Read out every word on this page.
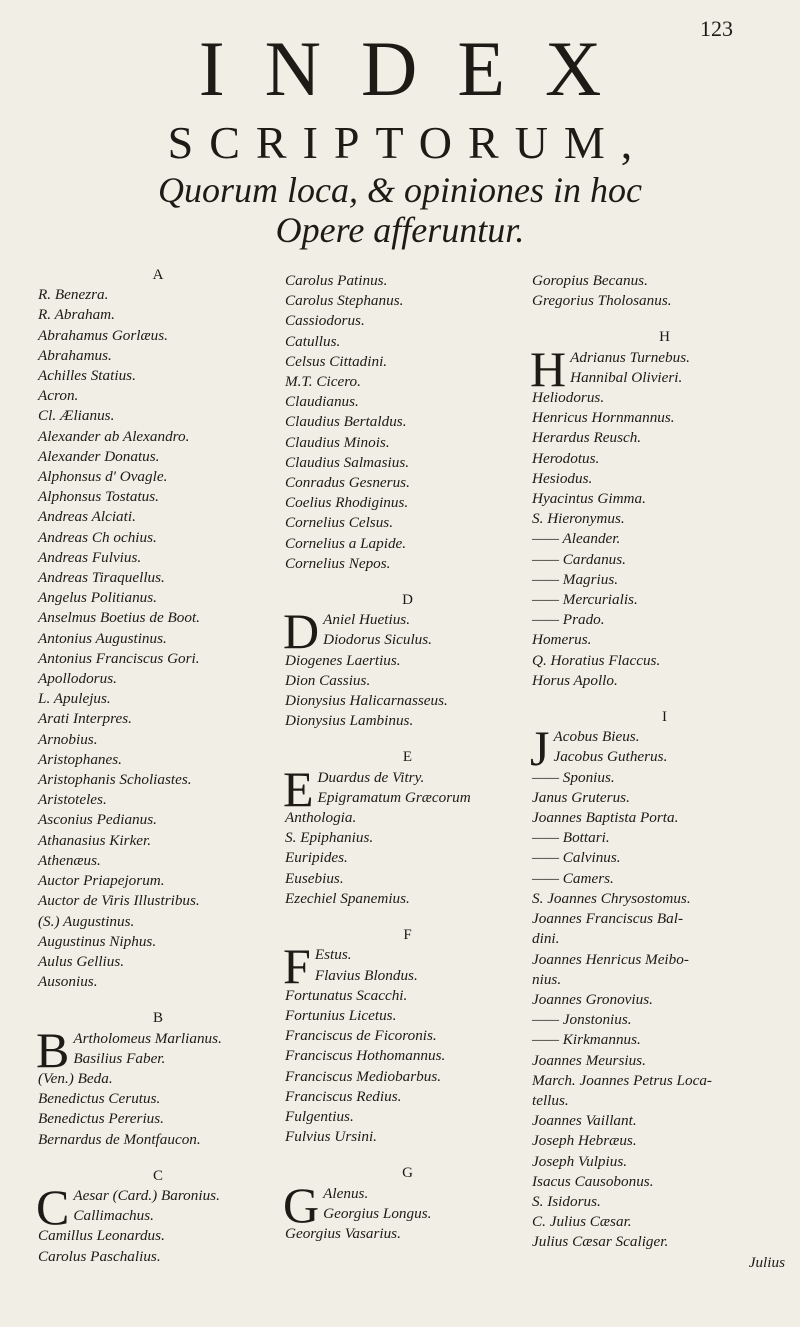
123
INDEX
SCRIPTORUM,
Quorum loca, & opiniones in hoc
Opere afferuntur.
A
R. Benezra.
R. Abraham.
Abrahamus Gorlæus.
Abrahamus.
Achilles Statius.
Acron.
Cl. Ælianus.
Alexander ab Alexandro.
Alexander Donatus.
Alphonsus d' Ovagle.
Alphonsus Tostatus.
Andreas Alciati.
Andreas Ch ochius.
Andreas Fulvius.
Andreas Tiraquellus.
Angelus Politianus.
Anselmus Boetius de Boot.
Antonius Augustinus.
Antonius Franciscus Gori.
Apollodorus.
L. Apulejus.
Arati Interpres.
Arnobius.
Aristophanes.
Aristophanis Scholiastes.
Aristoteles.
Asconius Pedianus.
Athanasius Kirker.
Athenæus.
Auctor Priapejorum.
Auctor de Viris Illustribus.
(S.) Augustinus.
Augustinus Niphus.
Aulus Gellius.
Ausonius.
B
B Artholomeus Marlianus.
Basilius Faber.
(Ven.) Beda.
Benedictus Cerutus.
Benedictus Pererius.
Bernardus de Montfaucon.
C
C Aesar (Card.) Baronius.
Callimachus.
Camillus Leonardus.
Carolus Paschalius.
Carolus Patinus.
Carolus Stephanus.
Cassiodorus.
Catullus.
Celsus Cittadini.
M.T. Cicero.
Claudianus.
Claudius Bertaldus.
Claudius Minois.
Claudius Salmasius.
Conradus Gesnerus.
Coelius Rhodiginus.
Cornelius Celsus.
Cornelius a Lapide.
Cornelius Nepos.
D
D Aniel Huetius.
Diodorus Siculus.
Diogenes Laertius.
Dion Cassius.
Dionysius Halicarnasseus.
Dionysius Lambinus.
E
E Duardus de Vitry.
Epigramatum Græcorum
Anthologia.
S. Epiphanius.
Euripides.
Eusebius.
Ezechiel Spanemius.
F
F Estus.
Flavius Blondus.
Fortunatus Scacchi.
Fortunius Licetus.
Franciscus de Ficoronis.
Franciscus Hothomannus.
Franciscus Mediobarbus.
Franciscus Redius.
Fulgentius.
Fulvius Ursini.
G
G Alenus.
Georgius Longus.
Georgius Vasarius.
Goropius Becanus.
Gregorius Tholosanus.
H
H Adrianus Turnebus.
Hannibal Olivieri.
Heliodorus.
Henricus Hornmannus.
Herardus Reusch.
Herodotus.
Hesiodus.
Hyacintus Gimma.
S. Hieronymus.
—— Aleander.
—— Cardanus.
—— Magrius.
—— Mercurialis.
—— Prado.
Homerus.
Q. Horatius Flaccus.
Horus Apollo.
I
J Acobus Bieus.
Jacobus Gutherus.
—— Sponius.
Janus Gruterus.
Joannes Baptista Porta.
—— Bottari.
—— Calvinus.
—— Camers.
S. Joannes Chrysostomus.
Joannes Franciscus Bal-
dini.
Joannes Henricus Meibo-
nius.
Joannes Gronovius.
—— Jonstonius.
—— Kirkmannus.
Joannes Meursius.
March. Joannes Petrus Loca-
tellus.
Joannes Vaillant.
Joseph Hebræus.
Joseph Vulpius.
Isacus Causobonus.
S. Isidorus.
C. Julius Cæsar.
Julius Cæsar Scaliger.
Julius
